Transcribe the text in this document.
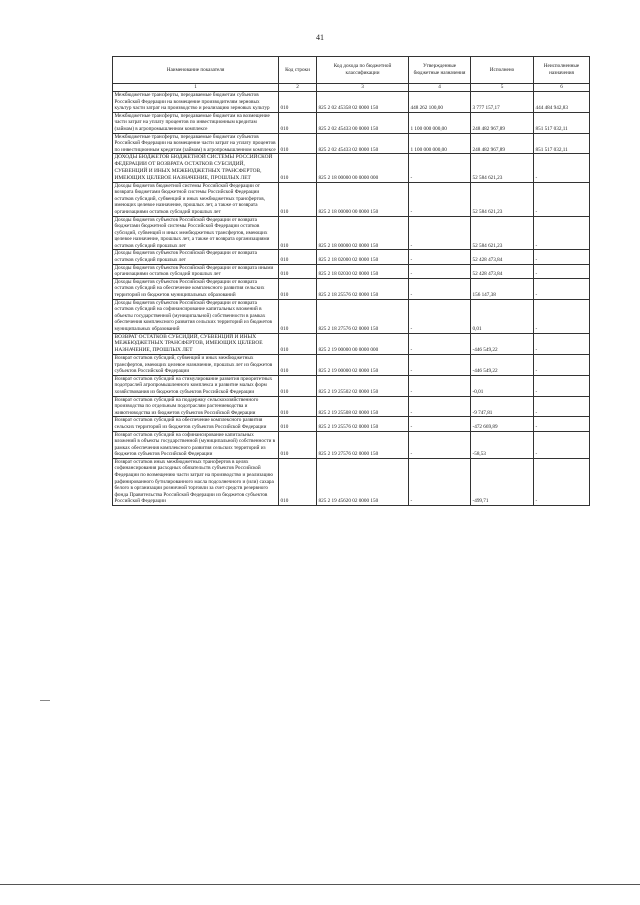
41
Наименование показателя	Код строки	Код дохода по бюджетной классификации	Утвержденные бюджетные назначения	Исполнено	Неисполненные назначения
1	2	3	4	5	6
Межбюджетные трансферты, передаваемые бюджетам субъектов Российской Федерации на возмещение производителям зерновых культур части затрат на производство и реализацию зерновых культур	010	825 2 02 45358 02 0000 150	448 262 100,00	3 777 157,17	444 484 942,83
Межбюджетные трансферты, передаваемые бюджетам на возмещение части затрат на уплату процентов по инвестиционным кредитам (займам) в агропромышленном комплексе	010	825 2 02 45433 00 0000 150	1 100 000 000,00	248 482 967,89	851 517 032,11
Межбюджетные трансферты, передаваемые бюджетам субъектов Российской Федерации на возмещение части затрат на уплату процентов по инвестиционным кредитам (займам) в агропромышленном комплексе	010	825 2 02 45433 02 0000 150	1 100 000 000,00	248 482 967,89	851 517 032,11
ДОХОДЫ БЮДЖЕТОВ БЮДЖЕТНОЙ СИСТЕМЫ РОССИЙСКОЙ ФЕДЕРАЦИИ ОТ ВОЗВРАТА ОСТАТКОВ СУБСИДИЙ, СУБВЕНЦИЙ И ИНЫХ МЕЖБЮДЖЕТНЫХ ТРАНСФЕРТОВ, ИМЕЮЩИХ ЦЕЛЕВОЕ НАЗНАЧЕНИЕ, ПРОШЛЫХ ЛЕТ	010	825 2 18 00000 00 0000 000	-	52 584 621,23	-
Доходы бюджетов бюджетной системы Российской Федерации от возврата бюджетами бюджетной системы Российской Федерации остатков субсидий, субвенций и иных межбюджетных трансфертов, имеющих целевое назначение, прошлых лет, а также от возврата организациями остатков субсидий прошлых лет	010	825 2 18 00000 00 0000 150	-	52 584 621,23	-
Доходы бюджетов субъектов Российской Федерации от возврата бюджетами бюджетной системы Российской Федерации остатков субсидий, субвенций и иных межбюджетных трансфертов, имеющих целевое назначение, прошлых лет, а также от возврата организациями остатков субсидий прошлых лет	010	825 2 18 00000 02 0000 150	-	52 584 621,23	-
Доходы бюджетов субъектов Российской Федерации от возврата остатков субсидий прошлых лет	010	825 2 18 02000 02 0000 150	-	52 428 473,84	-
Доходы бюджетов субъектов Российской Федерации от возврата иными организациями остатков субсидий прошлых лет	010	825 2 18 02030 02 0000 150	-	52 428 473,84	-
Доходы бюджетов субъектов Российской Федерации от возврата остатков субсидий на обеспечение комплексного развития сельских территорий из бюджетов муниципальных образований	010	825 2 18 25576 02 0000 150	-	156 147,38	-
Доходы бюджетов субъектов Российской Федерации от возврата остатков субсидий на софинансирование капитальных вложений в объекты государственной (муниципальной) собственности в рамках обеспечения комплексного развития сельских территорий из бюджетов муниципальных образований	010	825 2 18 27576 02 0000 150	-	0,01	-
ВОЗВРАТ ОСТАТКОВ СУБСИДИЙ, СУБВЕНЦИЙ И ИНЫХ МЕЖБЮДЖЕТНЫХ ТРАНСФЕРТОВ, ИМЕЮЩИХ ЦЕЛЕВОЕ НАЗНАЧЕНИЕ, ПРОШЛЫХ ЛЕТ	010	825 2 19 00000 00 0000 000	-	-446 549,22	-
Возврат остатков субсидий, субвенций и иных межбюджетных трансфертов, имеющих целевое назначение, прошлых лет из бюджетов субъектов Российской Федерации	010	825 2 19 00000 02 0000 150	-	-446 549,22	-
Возврат остатков субсидий на стимулирование развития приоритетных подотраслей агропромышленного комплекса и развитие малых форм хозяйствования из бюджетов субъектов Российской Федерации	010	825 2 19 25502 02 0000 150	-	-0,01	-
Возврат остатков субсидий на поддержку сельскохозяйственного производства по отдельным подотраслям растениеводства и животноводства из бюджетов субъектов Российской Федерации	010	825 2 19 25508 02 0000 150	-	-9 747,81	-
Возврат остатков субсидий на обеспечение комплексного развития сельских территорий из бюджетов субъектов Российской Федерации	010	825 2 19 25576 02 0000 150	-	-472 669,89	-
Возврат остатков субсидий на софинансирование капитальных вложений в объекты государственной (муниципальной) собственности в рамках обеспечения комплексного развития сельских территорий из бюджетов субъектов Российской Федерации	010	825 2 19 27576 02 0000 150	-	-58,53	-
Возврат остатков иных межбюджетных трансфертов в целях софинансирования расходных обязательств субъектов Российской Федерации по возмещению части затрат на производство и реализацию рафинированного бутилированного масла подсолнечного и (или) сахара белого в организации розничной торговли за счет средств резервного фонда Правительства Российской Федерации из бюджетов субъектов Российской Федерации	010	825 2 19 45620 02 0000 150	-	-499,71	-
